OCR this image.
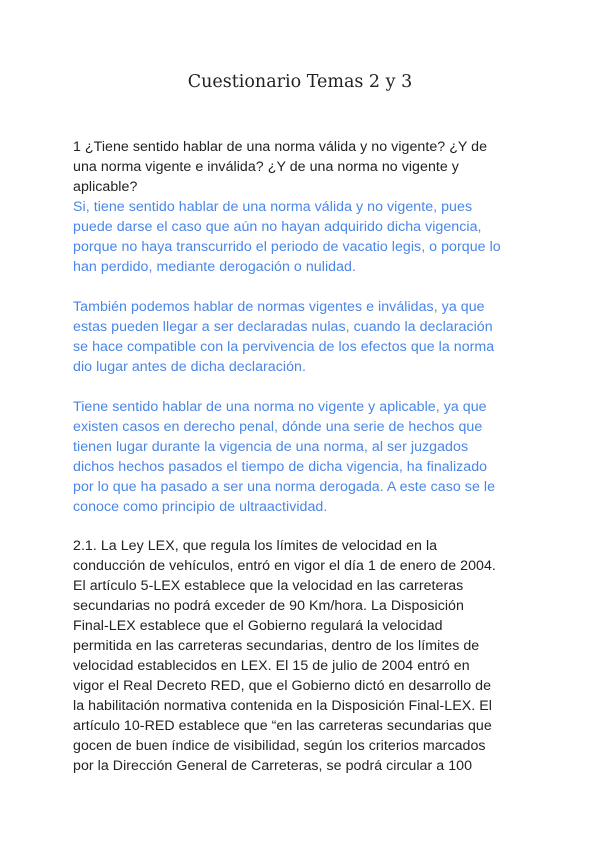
Cuestionario Temas 2 y 3
1 ¿Tiene sentido hablar de una norma válida y no vigente? ¿Y de
una norma vigente e inválida? ¿Y de una norma no vigente y
aplicable?
Si, tiene sentido hablar de una norma válida y no vigente, pues
puede darse el caso que aún no hayan adquirido dicha vigencia,
porque no haya transcurrido el periodo de vacatio legis, o porque lo
han perdido, mediante derogación o nulidad.
También podemos hablar de normas vigentes e inválidas, ya que
estas pueden llegar a ser declaradas nulas, cuando la declaración
se hace compatible con la pervivencia de los efectos que la norma
dio lugar antes de dicha declaración.
Tiene sentido hablar de una norma no vigente y aplicable, ya que
existen casos en derecho penal, dónde una serie de hechos que
tienen lugar durante la vigencia de una norma, al ser juzgados
dichos hechos pasados el tiempo de dicha vigencia, ha finalizado
por lo que ha pasado a ser una norma derogada. A este caso se le
conoce como principio de ultraactividad.
2.1. La Ley LEX, que regula los límites de velocidad en la
conducción de vehículos, entró en vigor el día 1 de enero de 2004.
El artículo 5-LEX establece que la velocidad en las carreteras
secundarias no podrá exceder de 90 Km/hora. La Disposición
Final-LEX establece que el Gobierno regulará la velocidad
permitida en las carreteras secundarias, dentro de los límites de
velocidad establecidos en LEX. El 15 de julio de 2004 entró en
vigor el Real Decreto RED, que el Gobierno dictó en desarrollo de
la habilitación normativa contenida en la Disposición Final-LEX. El
artículo 10-RED establece que “en las carreteras secundarias que
gocen de buen índice de visibilidad, según los criterios marcados
por la Dirección General de Carreteras, se podrá circular a 100
